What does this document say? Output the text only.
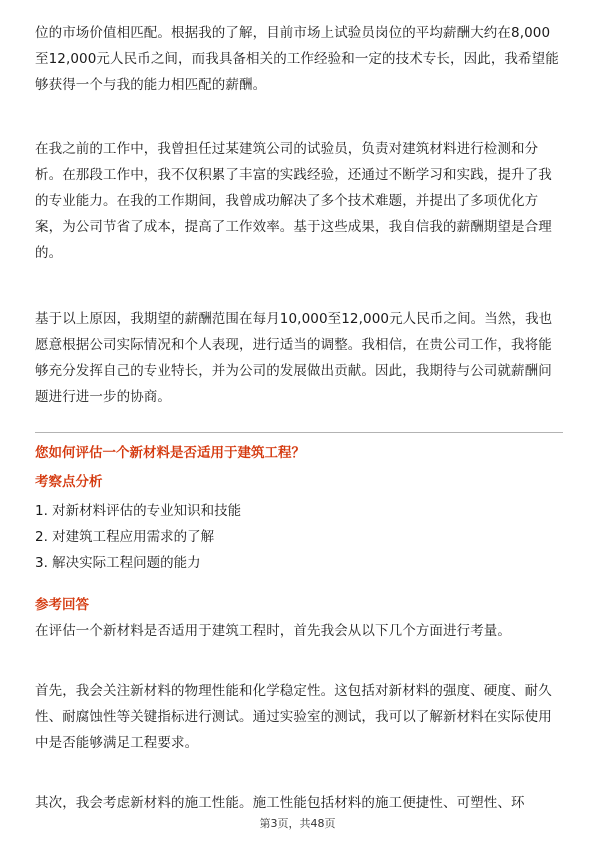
位的市场价值相匹配。根据我的了解，目前市场上试验员岗位的平均薪酬大约在8,000至12,000元人民币之间，而我具备相关的工作经验和一定的技术专长，因此，我希望能够获得一个与我的能力相匹配的薪酬。

在我之前的工作中，我曾担任过某建筑公司的试验员，负责对建筑材料进行检测和分析。在那段工作中，我不仅积累了丰富的实践经验，还通过不断学习和实践，提升了我的专业能力。在我的工作期间，我曾成功解决了多个技术难题，并提出了多项优化方案，为公司节省了成本，提高了工作效率。基于这些成果，我自信我的薪酬期望是合理的。

基于以上原因，我期望的薪酬范围在每月10,000至12,000元人民币之间。当然，我也愿意根据公司实际情况和个人表现，进行适当的调整。我相信，在贵公司工作，我将能够充分发挥自己的专业特长，并为公司的发展做出贡献。因此，我期待与公司就薪酬问题进行进一步的协商。

您如何评估一个新材料是否适用于建筑工程？
考察点分析
1. 对新材料评估的专业知识和技能
2. 对建筑工程应用需求的了解
3. 解决实际工程问题的能力
参考回答

在评估一个新材料是否适用于建筑工程时，首先我会从以下几个方面进行考量。

首先，我会关注新材料的物理性能和化学稳定性。这包括对新材料的强度、硬度、耐久性、耐腐蚀性等关键指标进行测试。通过实验室的测试，我可以了解新材料在实际使用中是否能够满足工程要求。

其次，我会考虑新材料的施工性能。施工性能包括材料的施工便捷性、可塑性、环

第3页，共48页
